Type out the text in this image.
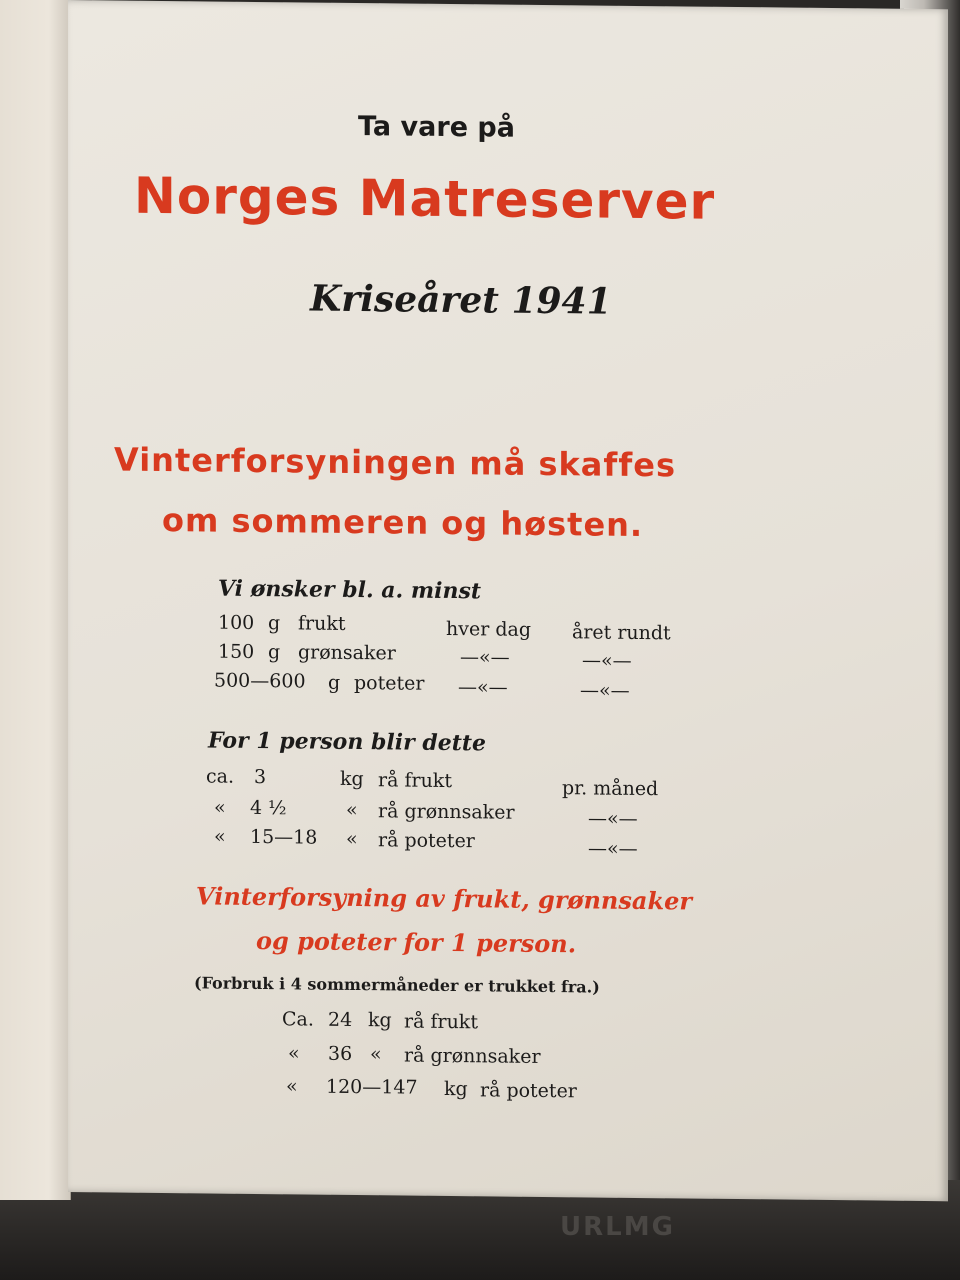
URLMG
Ta vare på
Norges Matreserver
Kriseåret 1941
Vinterforsyningen må skaffes
om sommeren og høsten.
Vi ønsker bl. a. minst
100 g frukt	hver dag året rundt
150 g grønsaker	—«—	—«—
500—600 g poteter —«—	—«—
For 1 person blir dette
ca. 3	kg rå frukt	pr. måned
« 4 ½	« rå grønnsaker	—«—
« 15—18 « rå poteter	—«—
Vinterforsyning av frukt, grønnsaker
og poteter for 1 person.
(Forbruk i 4 sommermåneder er trukket fra.)
Ca. 24 kg rå frukt
« 36 « rå grønnsaker
« 120—147 kg rå poteter
